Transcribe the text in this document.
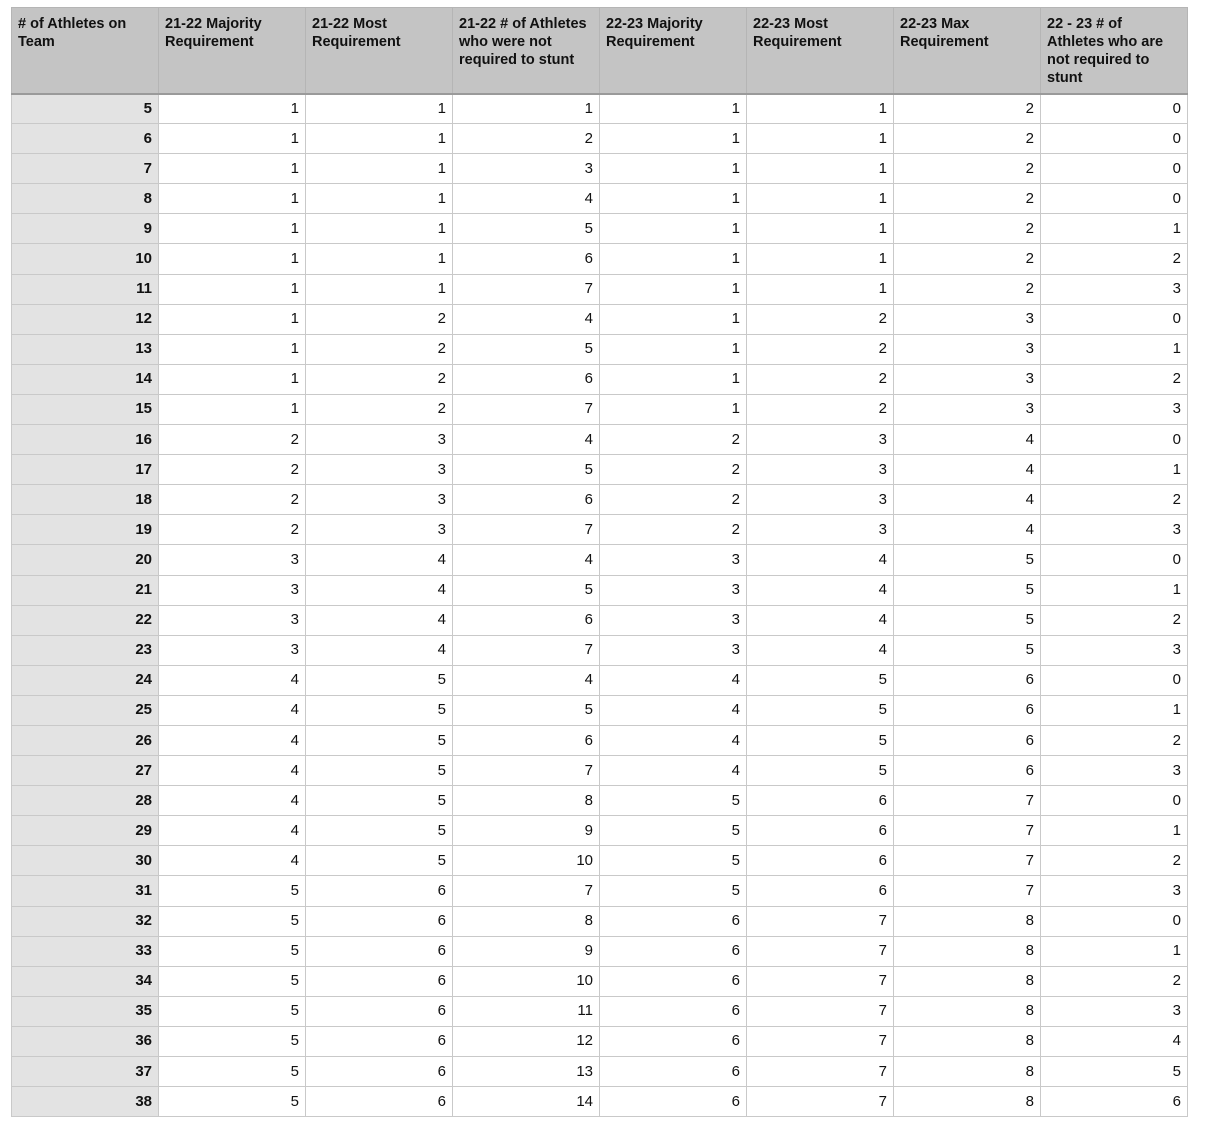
# of Athletes on Team	21-22 Majority Requirement	21-22 Most Requirement	21-22 # of Athletes who were not required to stunt	22-23 Majority Requirement	22-23 Most Requirement	22-23 Max Requirement	22 - 23 # of Athletes who are not required to stunt
5	1	1	1	1	1	2	0
6	1	1	2	1	1	2	0
7	1	1	3	1	1	2	0
8	1	1	4	1	1	2	0
9	1	1	5	1	1	2	1
10	1	1	6	1	1	2	2
11	1	1	7	1	1	2	3
12	1	2	4	1	2	3	0
13	1	2	5	1	2	3	1
14	1	2	6	1	2	3	2
15	1	2	7	1	2	3	3
16	2	3	4	2	3	4	0
17	2	3	5	2	3	4	1
18	2	3	6	2	3	4	2
19	2	3	7	2	3	4	3
20	3	4	4	3	4	5	0
21	3	4	5	3	4	5	1
22	3	4	6	3	4	5	2
23	3	4	7	3	4	5	3
24	4	5	4	4	5	6	0
25	4	5	5	4	5	6	1
26	4	5	6	4	5	6	2
27	4	5	7	4	5	6	3
28	4	5	8	5	6	7	0
29	4	5	9	5	6	7	1
30	4	5	10	5	6	7	2
31	5	6	7	5	6	7	3
32	5	6	8	6	7	8	0
33	5	6	9	6	7	8	1
34	5	6	10	6	7	8	2
35	5	6	11	6	7	8	3
36	5	6	12	6	7	8	4
37	5	6	13	6	7	8	5
38	5	6	14	6	7	8	6
